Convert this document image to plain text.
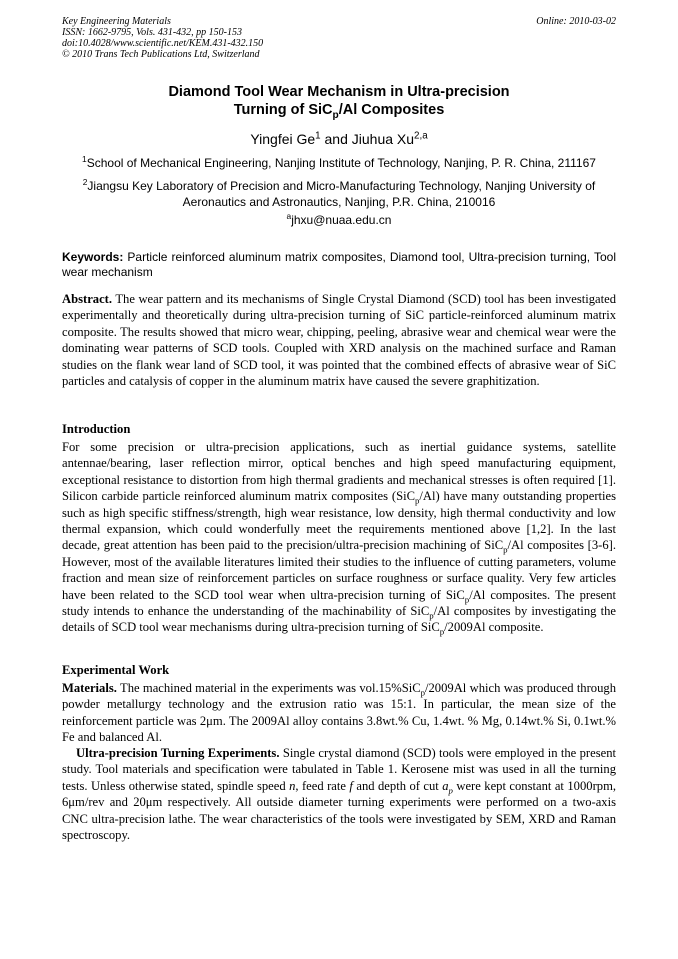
Key Engineering Materials
ISSN: 1662-9795, Vols. 431-432, pp 150-153
doi:10.4028/www.scientific.net/KEM.431-432.150
© 2010 Trans Tech Publications Ltd, Switzerland
Online: 2010-03-02
Diamond Tool Wear Mechanism in Ultra-precision
Turning of SiC$_p$/Al Composites
Yingfei Ge$^1$ and Jiuhua Xu$^{2,a}$
$^1$School of Mechanical Engineering, Nanjing Institute of Technology, Nanjing, P. R. China, 211167
$^2$Jiangsu Key Laboratory of Precision and Micro-Manufacturing Technology, Nanjing University of Aeronautics and Astronautics, Nanjing, P.R. China, 210016
$^a$jhxu@nuaa.edu.cn
Keywords: Particle reinforced aluminum matrix composites, Diamond tool, Ultra-precision turning, Tool wear mechanism
Abstract. The wear pattern and its mechanisms of Single Crystal Diamond (SCD) tool has been investigated experimentally and theoretically during ultra-precision turning of SiC particle-reinforced aluminum matrix composite. The results showed that micro wear, chipping, peeling, abrasive wear and chemical wear were the dominating wear patterns of SCD tools. Coupled with XRD analysis on the machined surface and Raman studies on the flank wear land of SCD tool, it was pointed that the combined effects of abrasive wear of SiC particles and catalysis of copper in the aluminum matrix have caused the severe graphitization.
Introduction
For some precision or ultra-precision applications, such as inertial guidance systems, satellite antennae/bearing, laser reflection mirror, optical benches and high speed manufacturing equipment, exceptional resistance to distortion from high thermal gradients and mechanical stresses is often required [1]. Silicon carbide particle reinforced aluminum matrix composites (SiC$_p$/Al) have many outstanding properties such as high specific stiffness/strength, high wear resistance, low density, high thermal conductivity and low thermal expansion, which could wonderfully meet the requirements mentioned above [1,2]. In the last decade, great attention has been paid to the precision/ultra-precision machining of SiC$_p$/Al composites [3-6]. However, most of the available literatures limited their studies to the influence of cutting parameters, volume fraction and mean size of reinforcement particles on surface roughness or surface quality. Very few articles have been related to the SCD tool wear when ultra-precision turning of SiC$_p$/Al composites. The present study intends to enhance the understanding of the machinability of SiC$_p$/Al composites by investigating the details of SCD tool wear mechanisms during ultra-precision turning of SiC$_p$/2009Al composite.
Experimental Work
Materials. The machined material in the experiments was vol.15%SiC$_p$/2009Al which was produced through powder metallurgy technology and the extrusion ratio was 15:1. In particular, the mean size of the reinforcement particle was 2μm. The 2009Al alloy contains 3.8wt.% Cu, 1.4wt. % Mg, 0.14wt.% Si, 0.1wt.% Fe and balanced Al.
Ultra-precision Turning Experiments. Single crystal diamond (SCD) tools were employed in the present study. Tool materials and specification were tabulated in Table 1. Kerosene mist was used in all the turning tests. Unless otherwise stated, spindle speed n, feed rate f and depth of cut $a_p$ were kept constant at 1000rpm, 6μm/rev and 20μm respectively. All outside diameter turning experiments were performed on a two-axis CNC ultra-precision lathe. The wear characteristics of the tools were investigated by SEM, XRD and Raman spectroscopy.
